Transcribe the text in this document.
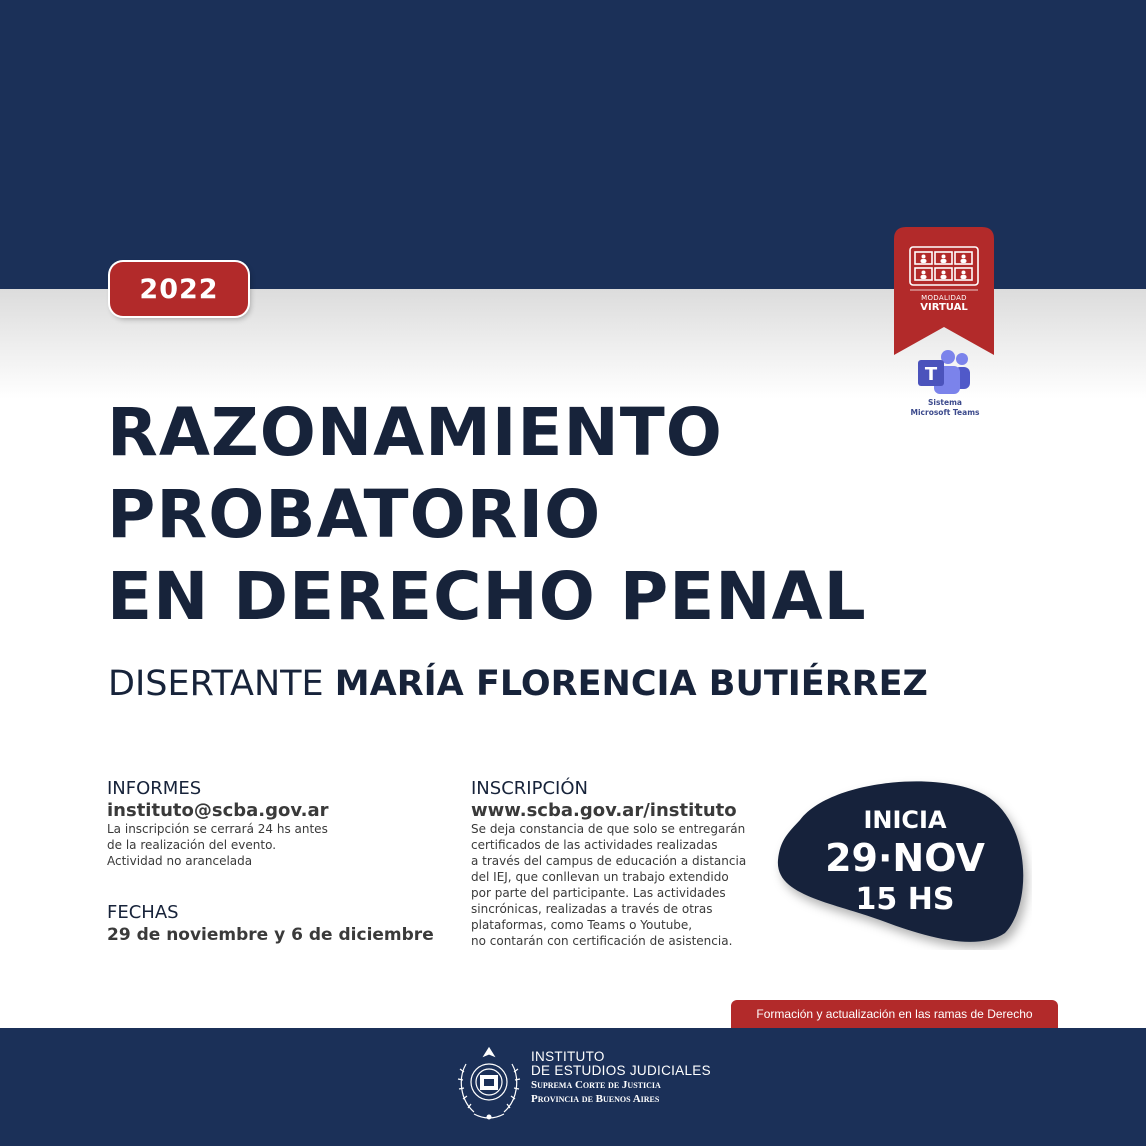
2022	MODALIDAD
VIRTUAL
T
Sistema
Microsoft Teams
RAZONAMIENTO
PROBATORIO
EN DERECHO PENAL
DISERTANTE MARÍA FLORENCIA BUTIÉRREZ
INFORMES
instituto@scba.gov.ar
La inscripción se cerrará 24 hs antes
de la realización del evento.
Actividad no arancelada
FECHAS
29 de noviembre y 6 de diciembre
INSCRIPCIÓN
www.scba.gov.ar/instituto
Se deja constancia de que solo se entregarán
certificados de las actividades realizadas
a través del campus de educación a distancia
del IEJ, que conllevan un trabajo extendido
por parte del participante. Las actividades
sincrónicas, realizadas a través de otras
plataformas, como Teams o Youtube,
no contarán con certificación de asistencia.
INICIA
29·NOV
15 HS
Formación y actualización en las ramas de Derecho
INSTITUTO
DE ESTUDIOS JUDICIALES
Suprema Corte de Justicia
Provincia de Buenos Aires
